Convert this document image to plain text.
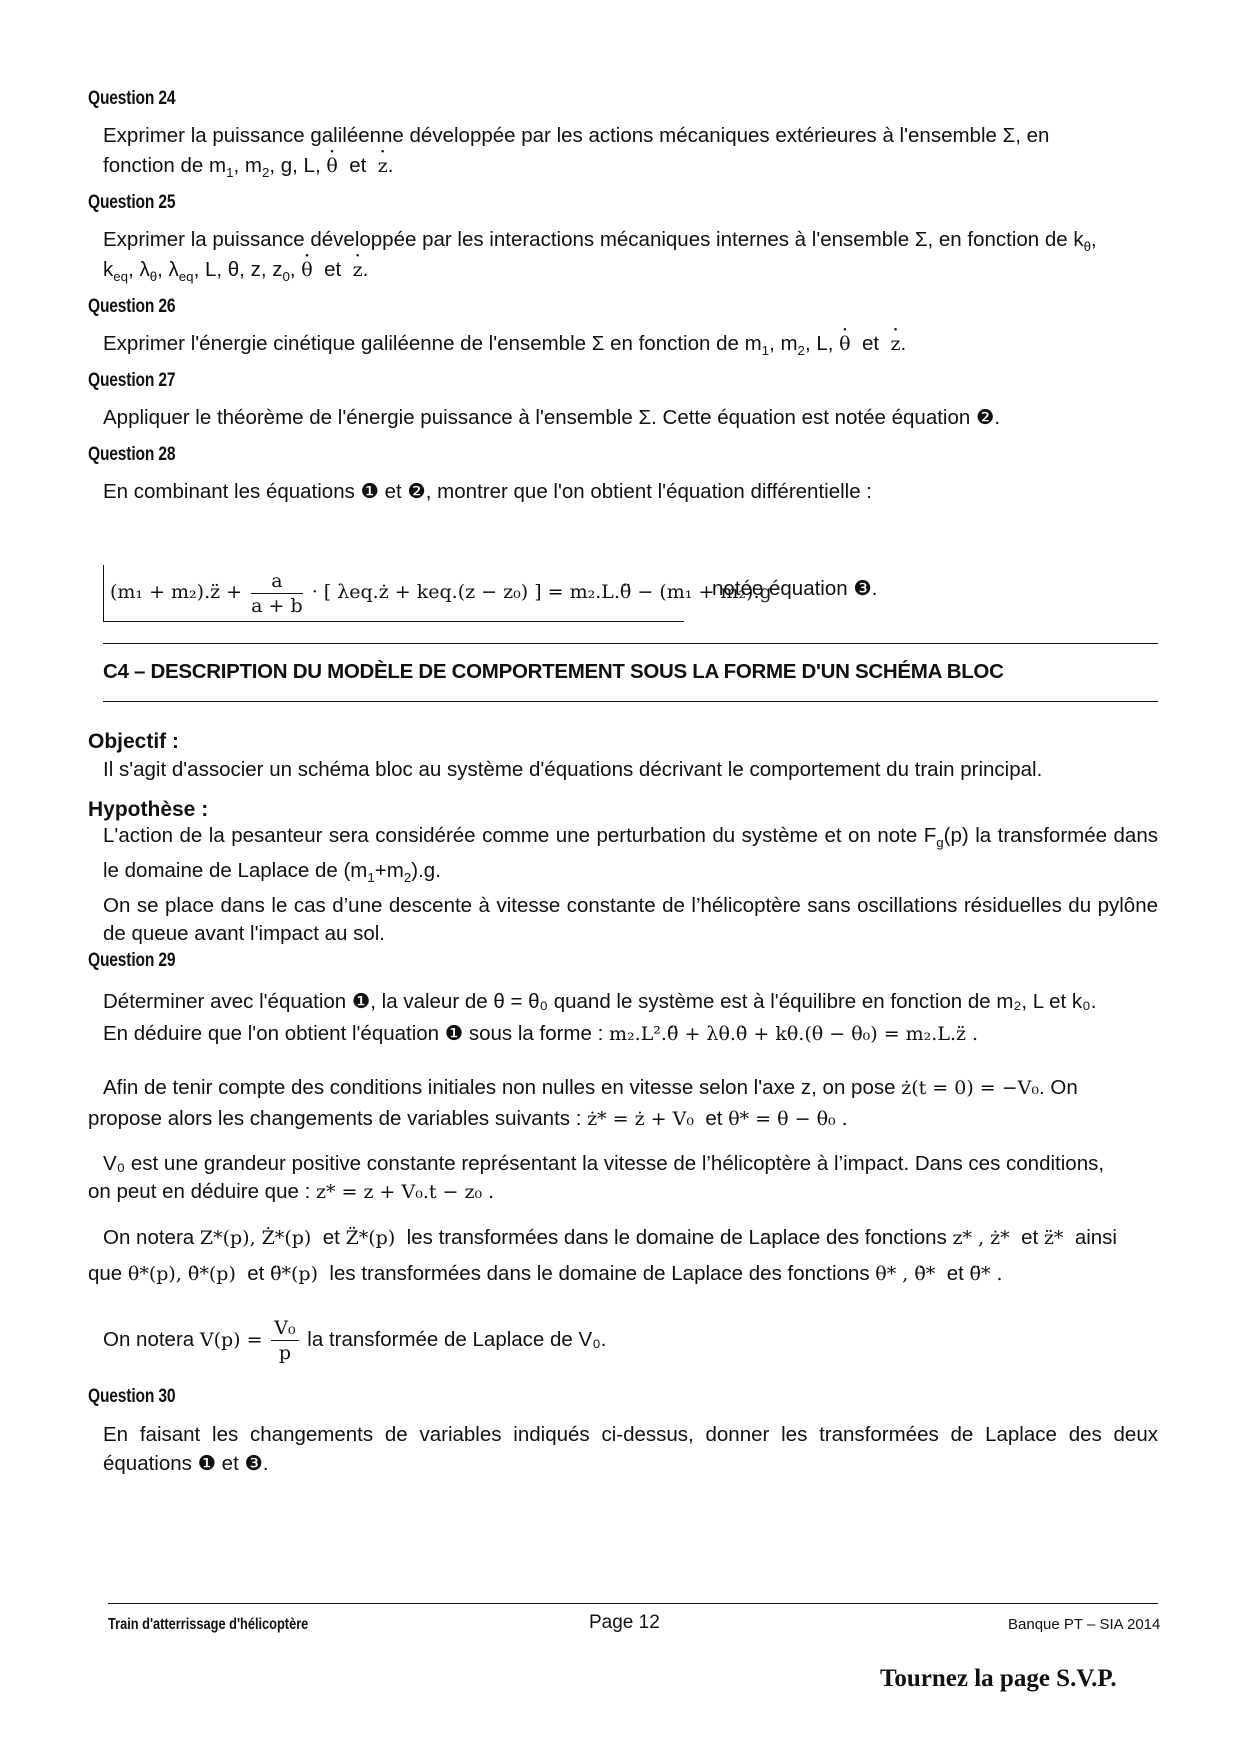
Question 24
Exprimer la puissance galiléenne développée par les actions mécaniques extérieures à l'ensemble Σ, en
fonction de $m_1$, $m_2$, g, L, · θ et · z.
Question 25
Exprimer la puissance développée par les interactions mécaniques internes à l'ensemble Σ, en fonction de $k_\theta$,
$k_{eq}$, $\lambda_\theta$, $\lambda_{eq}$, L, θ, z, $z_0$, · θ et · z.
Question 26
Exprimer l'énergie cinétique galiléenne de l'ensemble Σ en fonction de $m_1$, $m_2$, L, · θ et · z.
Question 27
Appliquer le théorème de l'énergie puissance à l'ensemble Σ. Cette équation est notée équation ❷.
Question 28
En combinant les équations ❶ et ❷, montrer que l'on obtient l'équation différentielle :
(m₁ + m₂).z̈ + $\frac{a}{a + b}$ · [ λeq.ż + keq.(z − z₀) ] = m₂.L.θ̈ − (m₁ + m₂).g
notée équation ❸.
C4 – DESCRIPTION DU MODÈLE DE COMPORTEMENT SOUS LA FORME D'UN SCHÉMA BLOC
Objectif :
Il s'agit d'associer un schéma bloc au système d'équations décrivant le comportement du train principal.
Hypothèse :
L'action de la pesanteur sera considérée comme une perturbation du système et on note $F_g(p)$ la transformée dans le domaine de Laplace de $(m_1+m_2).g$.
On se place dans le cas d’une descente à vitesse constante de l’hélicoptère sans oscillations résiduelles du pylône de queue avant l'impact au sol.
Question 29
Déterminer avec l'équation ❶, la valeur de θ = θ₀ quand le système est à l'équilibre en fonction de m₂, L et k₀.
En déduire que l'on obtient l'équation ❶ sous la forme : m₂.L².θ̈ + λθ.θ̇ + kθ.(θ − θ₀) = m₂.L.z̈ .
Afin de tenir compte des conditions initiales non nulles en vitesse selon l'axe z, on pose ż(t = 0) = −V₀. On
propose alors les changements de variables suivants : ż* = ż + V₀ et θ* = θ − θ₀ .
V₀ est une grandeur positive constante représentant la vitesse de l’hélicoptère à l’impact. Dans ces conditions,
on peut en déduire que : z* = z + V₀.t − z₀ .
On notera Z*(p), Ż*(p) et Z̈*(p) les transformées dans le domaine de Laplace des fonctions z* , ż* et z̈* ainsi
que θ*(p), θ̇*(p) et θ̈*(p) les transformées dans le domaine de Laplace des fonctions θ* , θ̇* et θ̈* .
On notera $V(p) = \frac{\text{V₀}}{p}$ la transformée de Laplace de V₀.
Question 30
En faisant les changements de variables indiqués ci-dessus, donner les transformées de Laplace des deux équations ❶ et ❸.
Train d'atterrissage d'hélicoptère	Page 12	Banque PT – SIA 2014
Tournez la page S.V.P.
